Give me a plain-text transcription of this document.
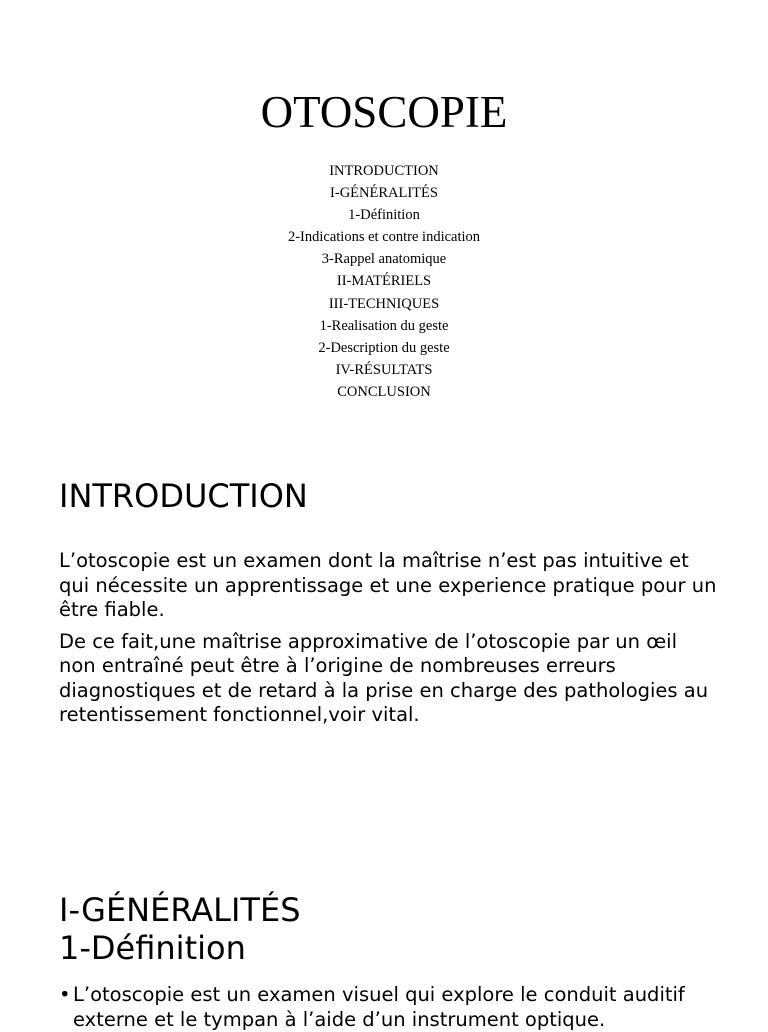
OTOSCOPIE
INTRODUCTION
I-GÉNÉRALITÉS
1-Définition
2-Indications et contre indication
3-Rappel anatomique
II-MATÉRIELS
III-TECHNIQUES
1-Realisation du geste
2-Description du geste
IV-RÉSULTATS
CONCLUSION
INTRODUCTION

L’otoscopie est un examen dont la maîtrise n’est pas intuitive et qui nécessite un apprentissage et une experience pratique pour un être fiable.

De ce fait,une maîtrise approximative de l’otoscopie par un œil non entraîné peut être à l’origine de nombreuses erreurs diagnostiques et de retard à la prise en charge des pathologies au retentissement fonctionnel,voir vital.

I-GÉNÉRALITÉS
1-Définition
• L’otoscopie est un examen visuel qui explore le conduit auditif externe et le tympan à l’aide d’un instrument optique.
